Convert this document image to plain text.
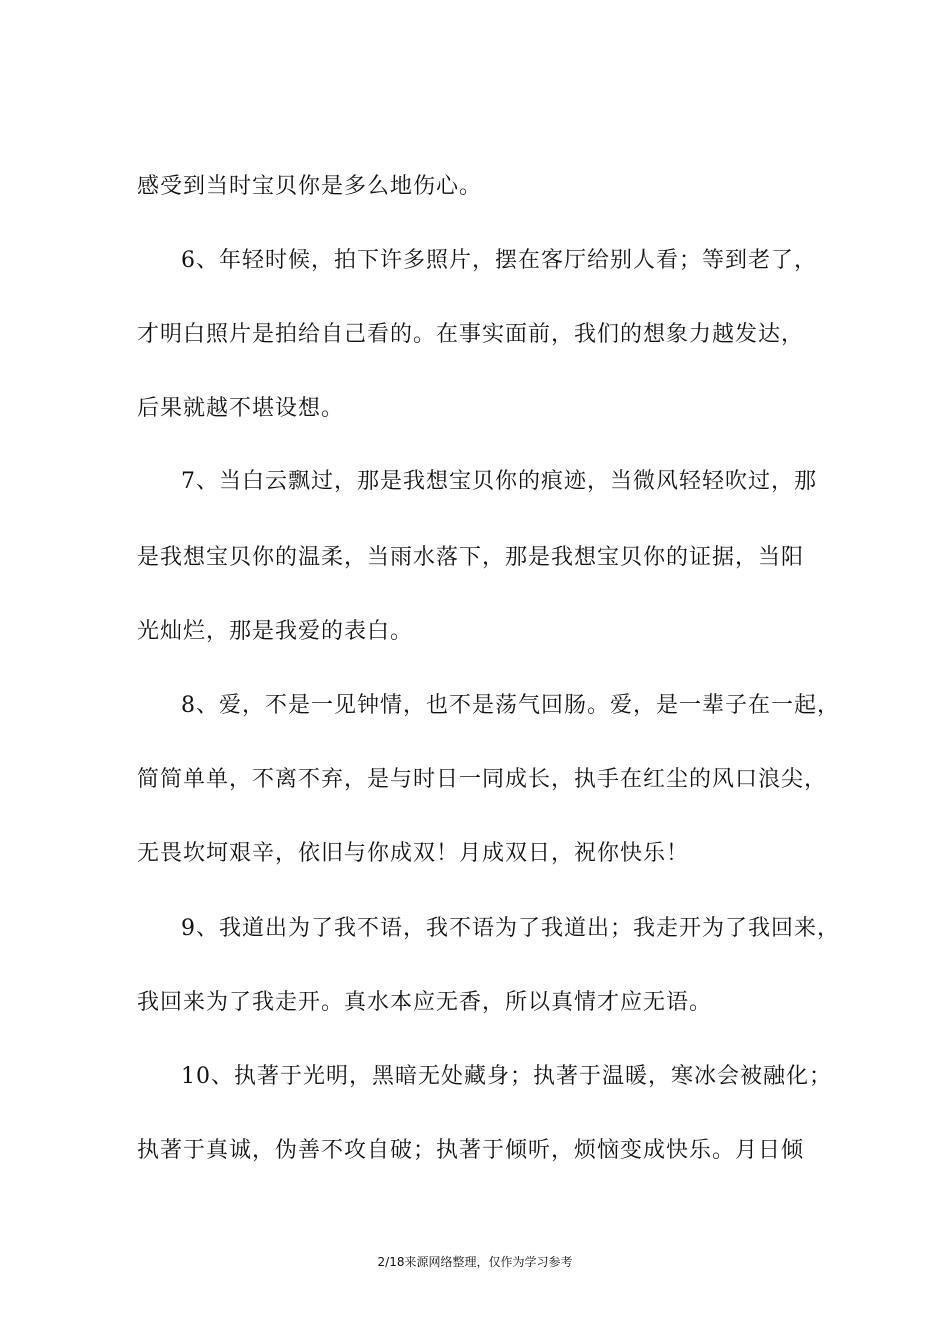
感受到当时宝贝你是多么地伤心。
6、年轻时候，拍下许多照片，摆在客厅给别人看；等到老了，
才明白照片是拍给自己看的。在事实面前，我们的想象力越发达，
后果就越不堪设想。
7、当白云飘过，那是我想宝贝你的痕迹，当微风轻轻吹过，那
是我想宝贝你的温柔，当雨水落下，那是我想宝贝你的证据，当阳
光灿烂，那是我爱的表白。
8、爱，不是一见钟情，也不是荡气回肠。爱，是一辈子在一起，
简简单单，不离不弃，是与时日一同成长，执手在红尘的风口浪尖，
无畏坎坷艰辛，依旧与你成双！月成双日，祝你快乐！
9、我道出为了我不语，我不语为了我道出；我走开为了我回来，
我回来为了我走开。真水本应无香，所以真情才应无语。
10、执著于光明，黑暗无处藏身；执著于温暖，寒冰会被融化；
执著于真诚，伪善不攻自破；执著于倾听，烦恼变成快乐。月日倾
2/18来源网络整理，仅作为学习参考
